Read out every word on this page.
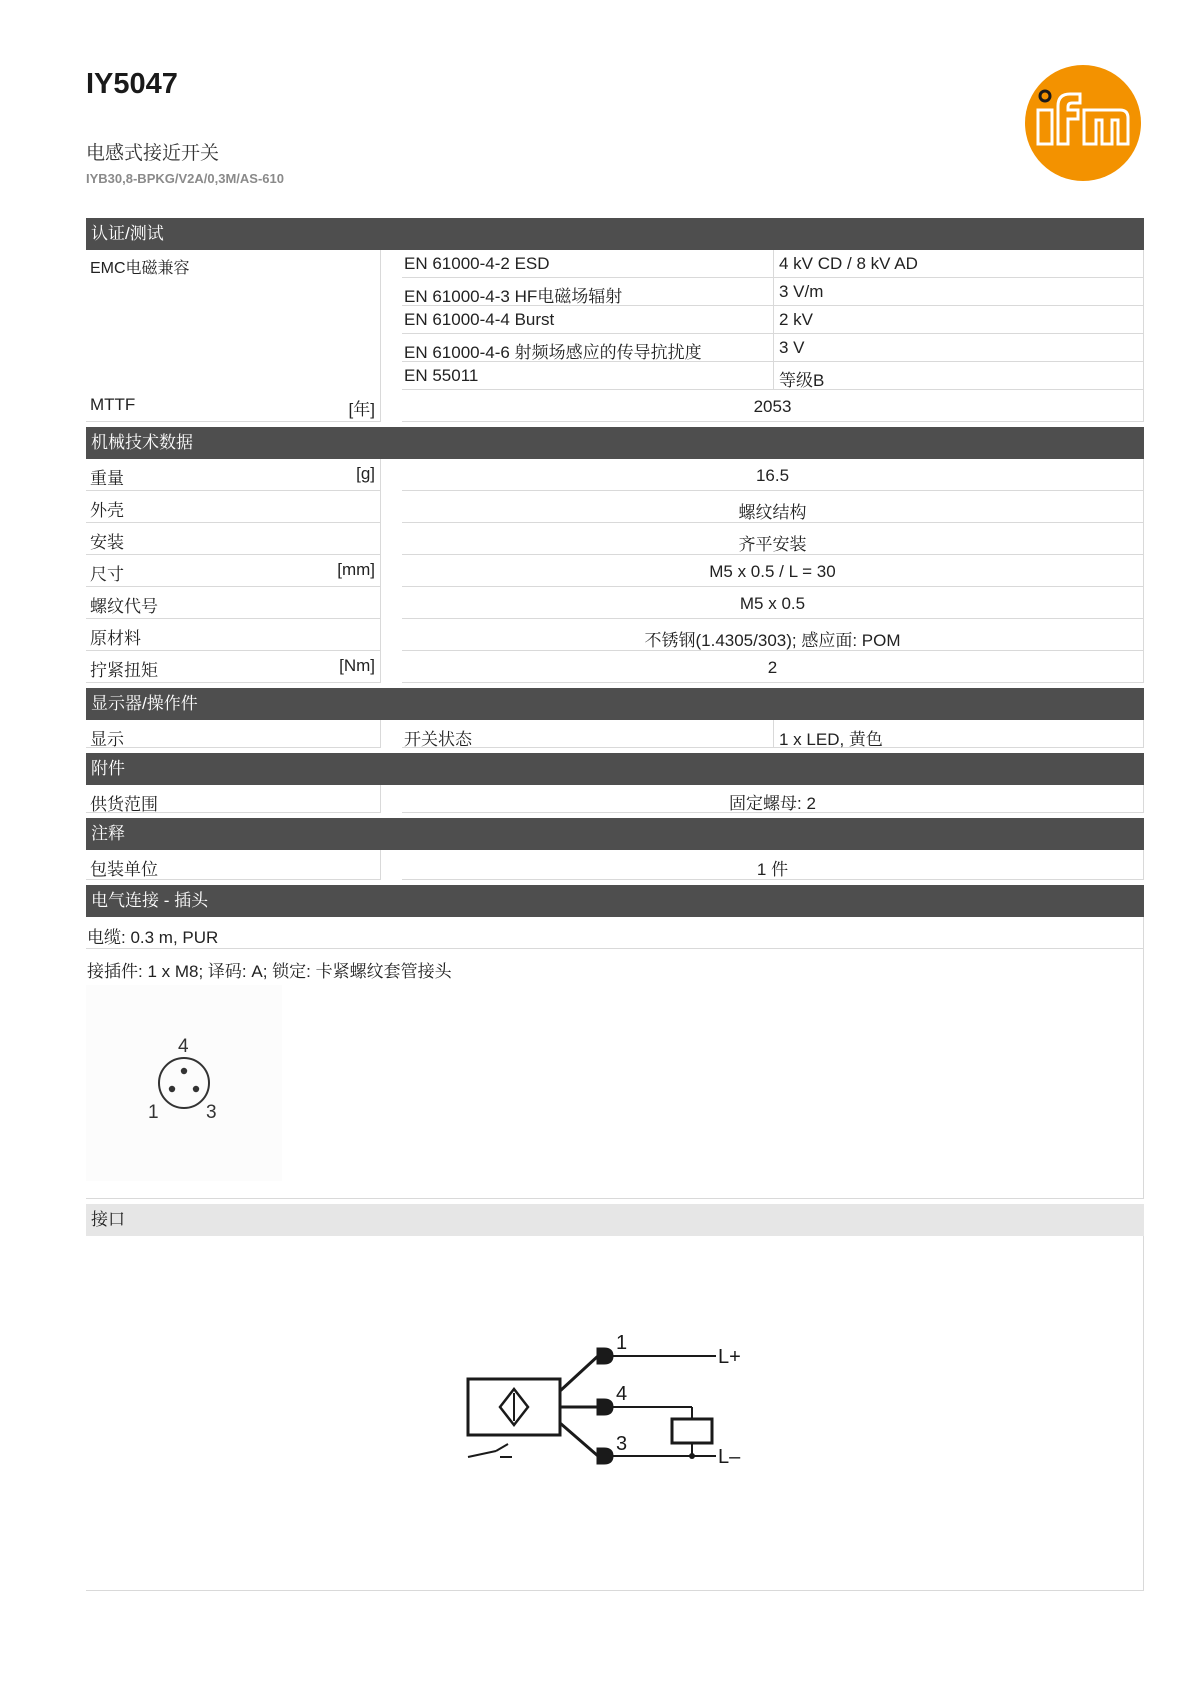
IY5047
电感式接近开关
IYB30,8-BPKG/V2A/0,3M/AS-610
认证/测试
EMC电磁兼容	EN 61000-4-2 ESD	4 kV CD / 8 kV AD
EN 61000-4-3 HF电磁场辐射	3 V/m
EN 61000-4-4 Burst	2 kV
EN 61000-4-6 射频场感应的传导抗扰度	3 V
EN 55011	等级B
MTTF	[年]	2053
机械技术数据
重量	[g]	16.5
外壳	螺纹结构
安装	齐平安装
尺寸	[mm]	M5 x 0.5 / L = 30
螺纹代号	M5 x 0.5
原材料	不锈钢(1.4305/303); 感应面: POM
拧紧扭矩	[Nm]	2
显示器/操作件
显示	开关状态	1 x LED, 黄色
附件
供货范围	固定螺母: 2
注释
包装单位	1 件
电气连接 - 插头
电缆: 0.3 m, PUR
接插件: 1 x M8; 译码: A; 锁定: 卡紧螺纹套管接头
4
1 3
接口
1
4
3
L+
L–
